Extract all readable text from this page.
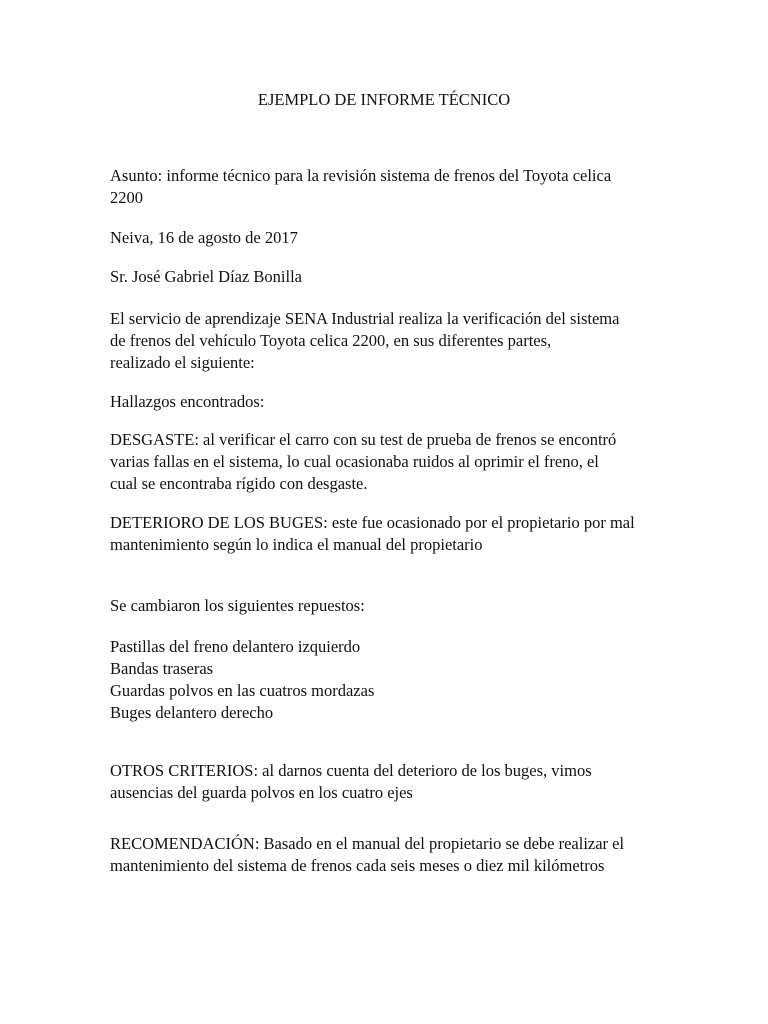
EJEMPLO DE INFORME TÉCNICO

Asunto: informe técnico para la revisión sistema de frenos del Toyota celica

2200

Neiva, 16 de agosto de 2017

Sr. José Gabriel Díaz Bonilla

El servicio de aprendizaje SENA Industrial realiza la verificación del sistema

de frenos del vehículo Toyota celica 2200, en sus diferentes partes,

realizado el siguiente:

Hallazgos encontrados:

DESGASTE: al verificar el carro con su test de prueba de frenos se encontró

varias fallas en el sistema, lo cual ocasionaba ruidos al oprimir el freno, el

cual se encontraba rígido con desgaste.

DETERIORO DE LOS BUGES: este fue ocasionado por el propietario por mal

mantenimiento según lo indica el manual del propietario

Se cambiaron los siguientes repuestos:

Pastillas del freno delantero izquierdo

Bandas traseras

Guardas polvos en las cuatros mordazas

Buges delantero derecho

OTROS CRITERIOS: al darnos cuenta del deterioro de los buges, vimos

ausencias del guarda polvos en los cuatro ejes

RECOMENDACIÓN: Basado en el manual del propietario se debe realizar el

mantenimiento del sistema de frenos cada seis meses o diez mil kilómetros
